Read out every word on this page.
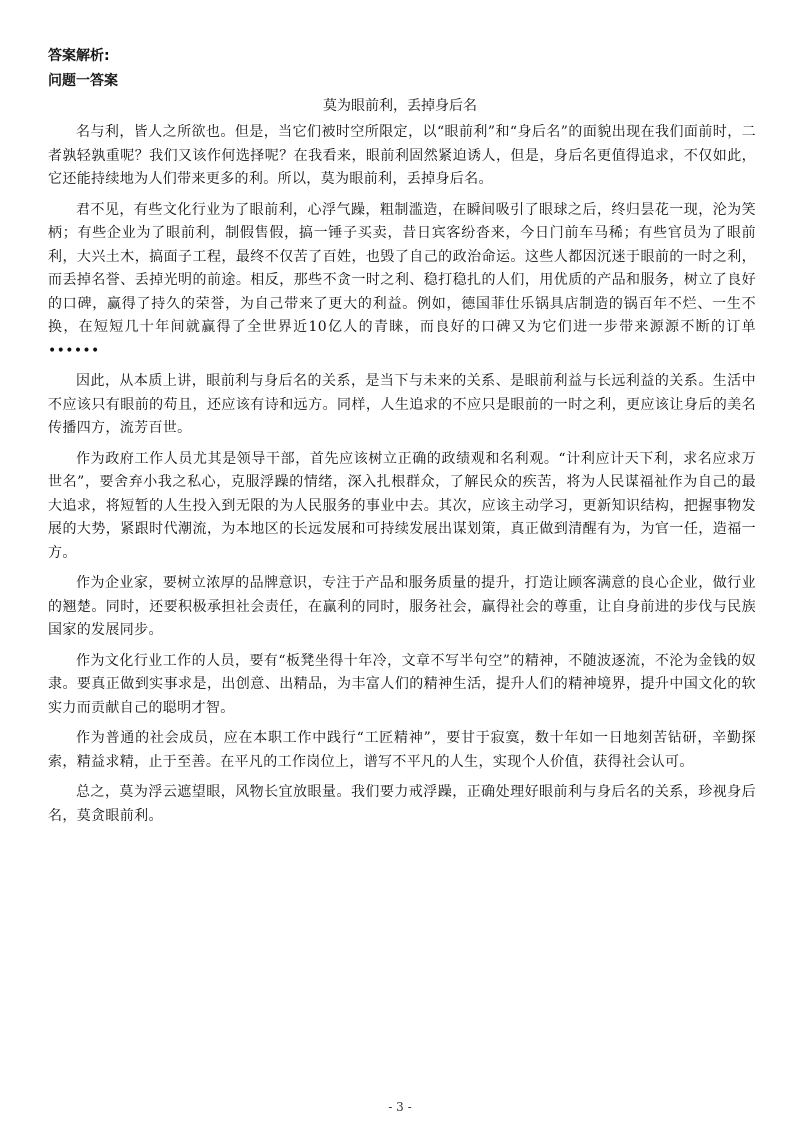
答案解析:
问题一答案
莫为眼前利，丢掉身后名

名与利，皆人之所欲也。但是，当它们被时空所限定，以“眼前利”和“身后名”的面貌出现在我们面前时，二者孰轻孰重呢？我们又该作何选择呢？在我看来，眼前利固然紧迫诱人，但是，身后名更值得追求，不仅如此，它还能持续地为人们带来更多的利。所以，莫为眼前利，丢掉身后名。

君不见，有些文化行业为了眼前利，心浮气躁，粗制滥造，在瞬间吸引了眼球之后，终归昙花一现，沦为笑柄；有些企业为了眼前利，制假售假，搞一锤子买卖，昔日宾客纷沓来，今日门前车马稀；有些官员为了眼前利，大兴土木，搞面子工程，最终不仅苦了百姓，也毁了自己的政治命运。这些人都因沉迷于眼前的一时之利，而丢掉名誉、丢掉光明的前途。相反，那些不贪一时之利、稳打稳扎的人们，用优质的产品和服务，树立了良好的口碑，赢得了持久的荣誉，为自己带来了更大的利益。例如，德国菲仕乐锅具店制造的锅百年不烂、一生不换，在短短几十年间就赢得了全世界近10亿人的青睐，而良好的口碑又为它们进一步带来源源不断的订单••••••

因此，从本质上讲，眼前利与身后名的关系，是当下与未来的关系、是眼前利益与长远利益的关系。生活中不应该只有眼前的苟且，还应该有诗和远方。同样，人生追求的不应只是眼前的一时之利，更应该让身后的美名传播四方，流芳百世。

作为政府工作人员尤其是领导干部，首先应该树立正确的政绩观和名利观。“计利应计天下利，求名应求万世名”，要舍弃小我之私心，克服浮躁的情绪，深入扎根群众，了解民众的疾苦，将为人民谋福祉作为自己的最大追求，将短暂的人生投入到无限的为人民服务的事业中去。其次，应该主动学习，更新知识结构，把握事物发展的大势，紧跟时代潮流，为本地区的长远发展和可持续发展出谋划策，真正做到清醒有为，为官一任，造福一方。

作为企业家，要树立浓厚的品牌意识，专注于产品和服务质量的提升，打造让顾客满意的良心企业，做行业的翘楚。同时，还要积极承担社会责任，在赢利的同时，服务社会，赢得社会的尊重，让自身前进的步伐与民族国家的发展同步。

作为文化行业工作的人员，要有“板凳坐得十年冷，文章不写半句空”的精神，不随波逐流，不沦为金钱的奴隶。要真正做到实事求是，出创意、出精品，为丰富人们的精神生活，提升人们的精神境界，提升中国文化的软实力而贡献自己的聪明才智。

作为普通的社会成员，应在本职工作中践行“工匠精神”，要甘于寂寞，数十年如一日地刻苦钻研，辛勤探索，精益求精，止于至善。在平凡的工作岗位上，谱写不平凡的人生，实现个人价值，获得社会认可。

总之，莫为浮云遮望眼，风物长宜放眼量。我们要力戒浮躁，正确处理好眼前利与身后名的关系，珍视身后名，莫贪眼前利。

- 3 -
